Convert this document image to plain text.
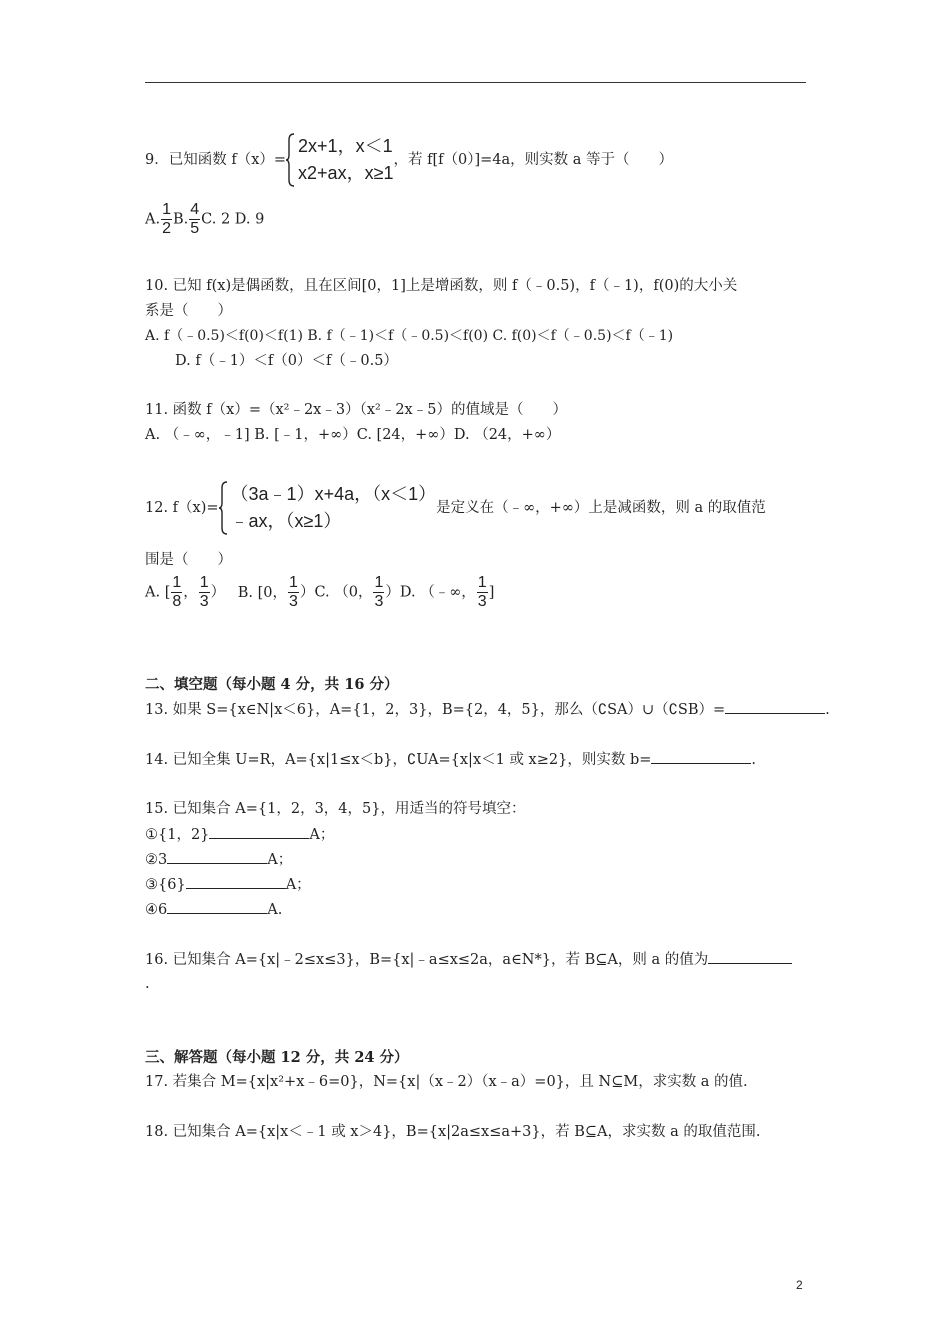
9．已知函数 f（x）=
2x+1，x＜1
x2+ax，x≥1
，若 f[f（0）]=4a，则实数 a 等于（　　）
A. $\frac{1}{2} B$. $\frac{4}{5} C$. 2 D. 9
10. 已知 f(x)是偶函数，且在区间[0，1]上是增函数，则 f（﹣0.5)，f（﹣1)，f(0)的大小关
系是（　　）
A. f（﹣0.5)＜f(0)＜f(1) B. f（﹣1)＜f（﹣0.5)＜f(0) C. f(0)＜f（﹣0.5)＜f（﹣1)
D. f（﹣1）＜f（0）＜f（﹣0.5）
11. 函数 f（x）=（x²﹣2x﹣3）（x²﹣2x﹣5）的值域是（　　）
A. （﹣∞，﹣1] B. [﹣1，+∞）C. [24，+∞）D. （24，+∞）
12. f（x)=
（3a﹣1）x+4a，（x＜1）
﹣ax，（x≥1）
是定义在（﹣∞，+∞）上是减函数，则 a 的取值范
围是（　　）
A. [ $\frac{1}{8}$ ， $\frac{1}{3}$ ） B. [0， $\frac{1}{3} )C$. （0， $\frac{1}{3} )D$. （﹣∞， $\frac{1}{3}$ ]
二、填空题（每小题 4 分，共 16 分）
13. 如果 S={x∈N|x＜6}，A={1，2，3}，B={2，4，5}，那么（∁SA）∪（∁SB）=	.
14. 已知全集 U=R，A={x|1≤x＜b}，∁UA={x|x＜1 或 x≥2}，则实数 b=	.
15. 已知集合 A={1，2，3，4，5}，用适当的符号填空：
①{1，2}	A；
②3	A；
③{6}	A；
④6	A.
16. 已知集合 A={x|﹣2≤x≤3}，B={x|﹣a≤x≤2a，a∈N*}，若 B⊆A，则 a 的值为
.
三、解答题（每小题 12 分，共 24 分）
17. 若集合 M={x|x²+x﹣6=0}，N={x|（x﹣2）（x﹣a）=0}，且 N⊆M，求实数 a 的值.
18. 已知集合 A={x|x＜﹣1 或 x＞4}，B={x|2a≤x≤a+3}，若 B⊆A，求实数 a 的取值范围.
2
